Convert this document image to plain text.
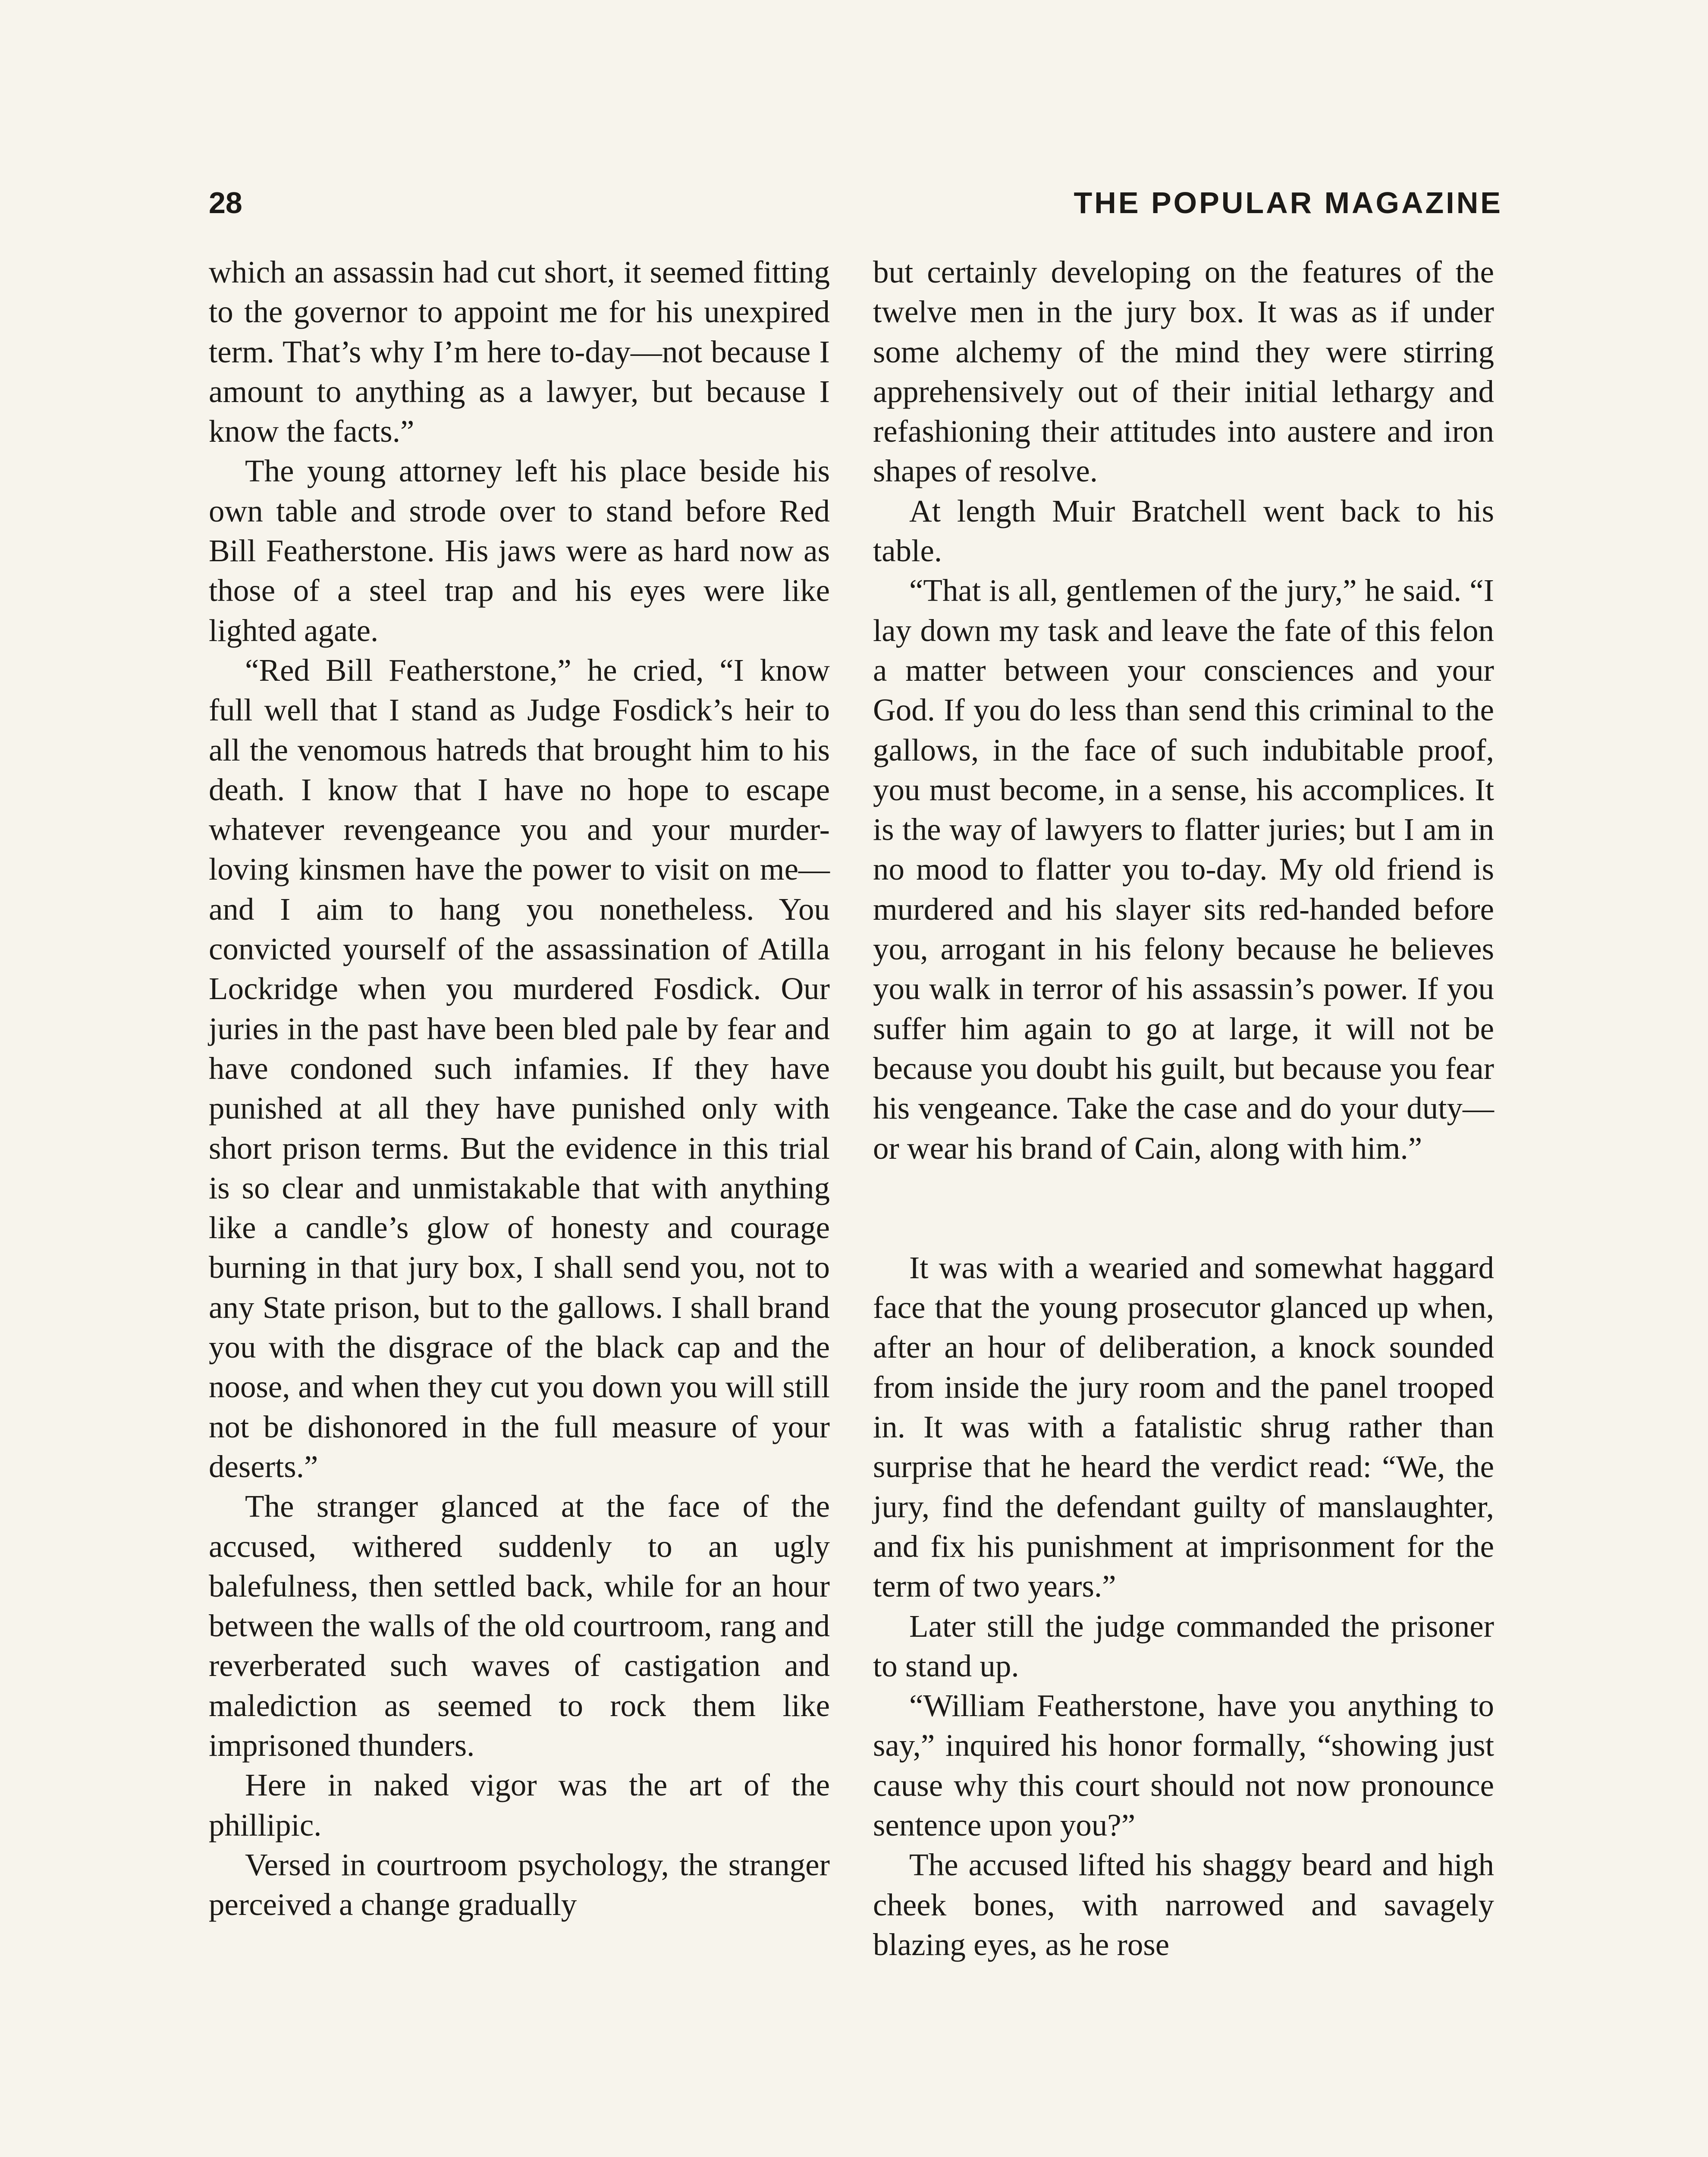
28	THE POPULAR MAGAZINE

which an assassin had cut short, it seemed fitting to the governor to appoint me for his unexpired term. That’s why I’m here to-day—not because I amount to anything as a lawyer, but because I know the facts.”

The young attorney left his place beside his own table and strode over to stand before Red Bill Featherstone. His jaws were as hard now as those of a steel trap and his eyes were like lighted agate.

“Red Bill Featherstone,” he cried, “I know full well that I stand as Judge Fosdick’s heir to all the venomous hatreds that brought him to his death. I know that I have no hope to escape whatever revengeance you and your murder-loving kinsmen have the power to visit on me—and I aim to hang you nonetheless. You convicted yourself of the assassination of Atilla Lockridge when you murdered Fosdick. Our juries in the past have been bled pale by fear and have condoned such infamies. If they have punished at all they have punished only with short prison terms. But the evidence in this trial is so clear and unmistakable that with anything like a candle’s glow of honesty and courage burning in that jury box, I shall send you, not to any State prison, but to the gallows. I shall brand you with the disgrace of the black cap and the noose, and when they cut you down you will still not be dishonored in the full measure of your deserts.”

The stranger glanced at the face of the accused, withered suddenly to an ugly balefulness, then settled back, while for an hour between the walls of the old courtroom, rang and reverberated such waves of castigation and malediction as seemed to rock them like imprisoned thunders.

Here in naked vigor was the art of the phillipic.

Versed in courtroom psychology, the stranger perceived a change gradually

but certainly developing on the features of the twelve men in the jury box. It was as if under some alchemy of the mind they were stirring apprehensively out of their initial lethargy and refashioning their attitudes into austere and iron shapes of resolve.

At length Muir Bratchell went back to his table.

“That is all, gentlemen of the jury,” he said. “I lay down my task and leave the fate of this felon a matter between your consciences and your God. If you do less than send this criminal to the gallows, in the face of such indubitable proof, you must become, in a sense, his accomplices. It is the way of lawyers to flatter juries; but I am in no mood to flatter you to-day. My old friend is murdered and his slayer sits red-handed before you, arrogant in his felony because he believes you walk in terror of his assassin’s power. If you suffer him again to go at large, it will not be because you doubt his guilt, but because you fear his vengeance. Take the case and do your duty—or wear his brand of Cain, along with him.”

It was with a wearied and somewhat haggard face that the young prosecutor glanced up when, after an hour of deliberation, a knock sounded from inside the jury room and the panel trooped in. It was with a fatalistic shrug rather than surprise that he heard the verdict read: “We, the jury, find the defendant guilty of manslaughter, and fix his punishment at imprisonment for the term of two years.”

Later still the judge commanded the prisoner to stand up.

“William Featherstone, have you anything to say,” inquired his honor formally, “showing just cause why this court should not now pronounce sentence upon you?”

The accused lifted his shaggy beard and high cheek bones, with narrowed and savagely blazing eyes, as he rose
